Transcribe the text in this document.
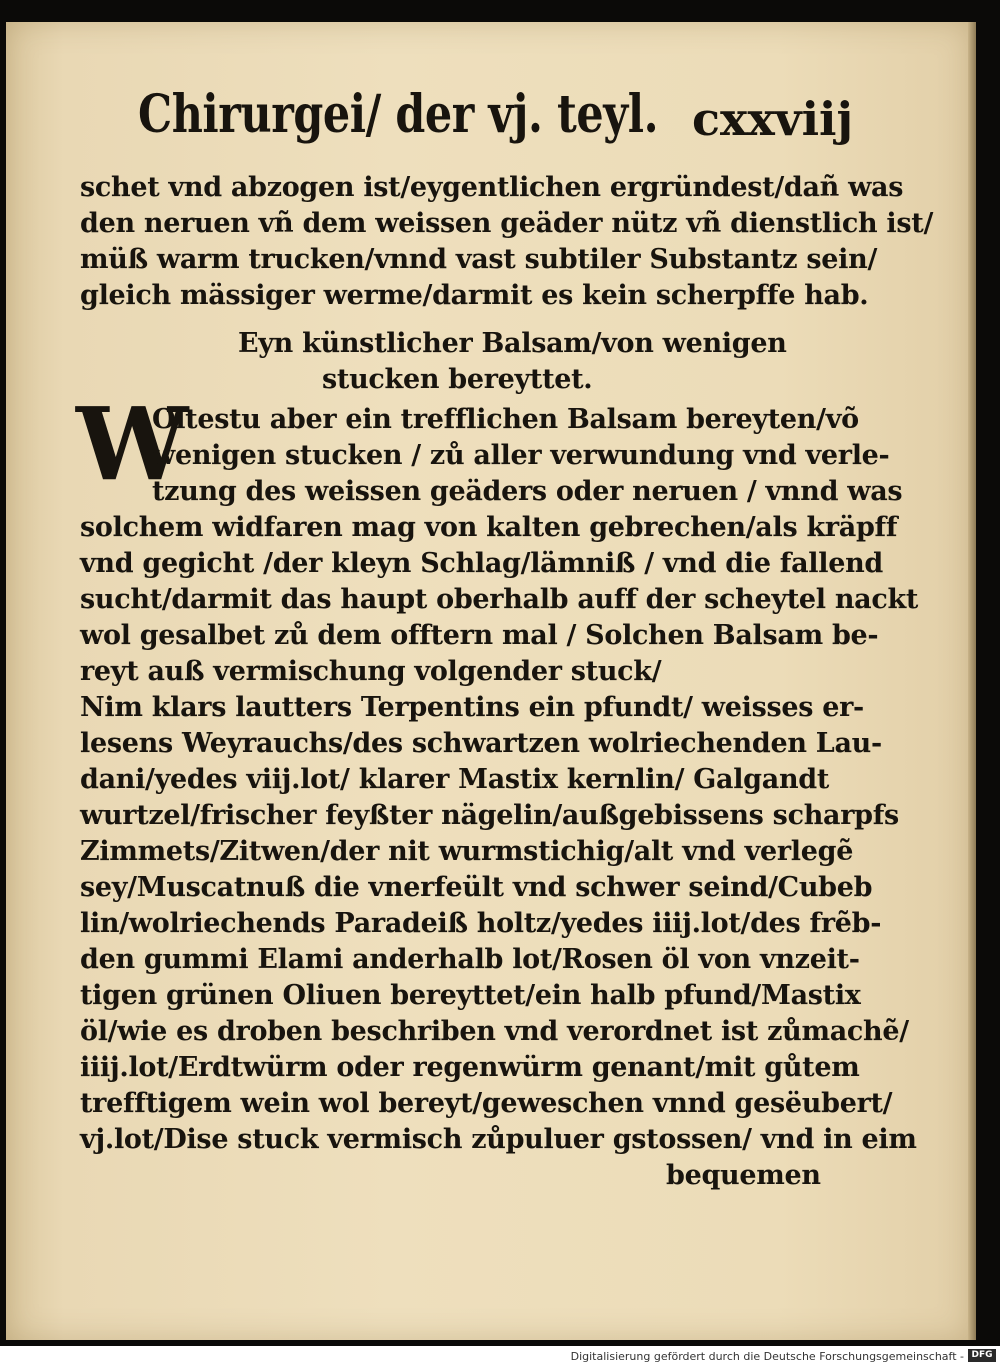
Chirurgei/ der vj. teyl. cxxviij
schet vnd abzogen ist/eygentlichen ergründest/dañ was
den neruen vñ dem weissen geäder nütz vñ dienstlich ist/
müß warm trucken/vnnd vast subtiler Substantz sein/
gleich mässiger werme/darmit es kein scherpffe hab.
Eyn künstlicher Balsam/von wenigen
stucken bereyttet.
W
Oltestu aber ein trefflichen Balsam bereyten/võ
wenigen stucken / zů aller verwundung vnd verle-
tzung des weissen geäders oder neruen / vnnd was
solchem widfaren mag von kalten gebrechen/als kräpff
vnd gegicht /der kleyn Schlag/lämniß / vnd die fallend
sucht/darmit das haupt oberhalb auff der scheytel nackt
wol gesalbet zů dem offtern mal / Solchen Balsam be-
reyt auß vermischung volgender stuck/
Nim klars lautters Terpentins ein pfundt/ weisses er-
lesens Weyrauchs/des schwartzen wolriechenden Lau-
dani/yedes viij.lot/ klarer Mastix kernlin/ Galgandt
wurtzel/frischer feyßter nägelin/außgebissens scharpfs
Zimmets/Zitwen/der nit wurmstichig/alt vnd verlegẽ
sey/Muscatnuß die vnerfeült vnd schwer seind/Cubeb
lin/wolriechends Paradeiß holtz/yedes iiij.lot/des frẽb-
den gummi Elami anderhalb lot/Rosen öl von vnzeit-
tigen grünen Oliuen bereyttet/ein halb pfund/Mastix
öl/wie es droben beschriben vnd verordnet ist zůmachẽ/
iiij.lot/Erdtwürm oder regenwürm genant/mit gůtem
trefftigem wein wol bereyt/geweschen vnnd gesëubert/
vj.lot/Dise stuck vermisch zůpuluer gstossen/ vnd in eim
bequemen
Digitalisierung gefördert durch die Deutsche Forschungsgemeinschaft - DFG
